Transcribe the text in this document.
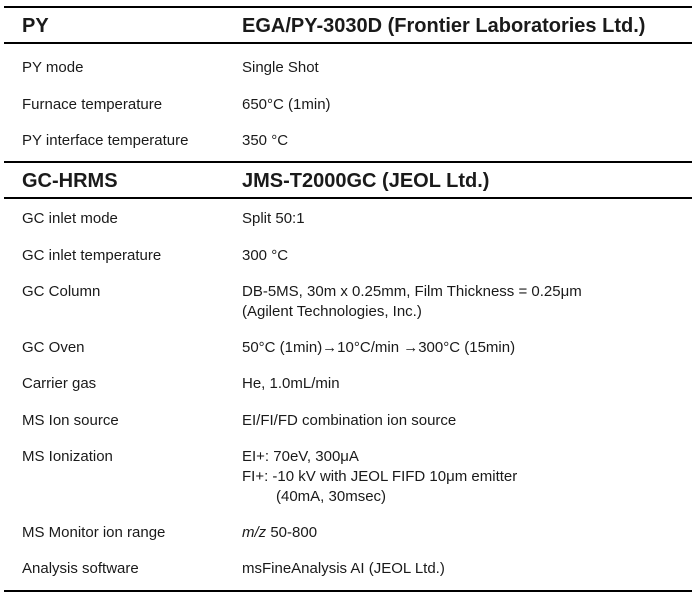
PY	EGA/PY-3030D (Frontier Laboratories Ltd.)
PY mode	Single Shot
Furnace temperature	650°C (1min)
PY interface temperature	350 °C
GC-HRMS	JMS-T2000GC (JEOL Ltd.)
GC inlet mode	Split 50:1
GC inlet temperature	300 °C
GC Column	DB-5MS, 30m x 0.25mm, Film Thickness = 0.25μm
(Agilent Technologies, Inc.)
GC Oven	50°C (1min)→10°C/min →300°C (15min)
Carrier gas	He, 1.0mL/min
MS Ion source	EI/FI/FD combination ion source
MS Ionization	EI+: 70eV, 300μA
FI+: -10 kV with JEOL FIFD 10μm emitter
(40mA, 30msec)
MS Monitor ion range	m/z 50-800
Analysis software	msFineAnalysis AI (JEOL Ltd.)
